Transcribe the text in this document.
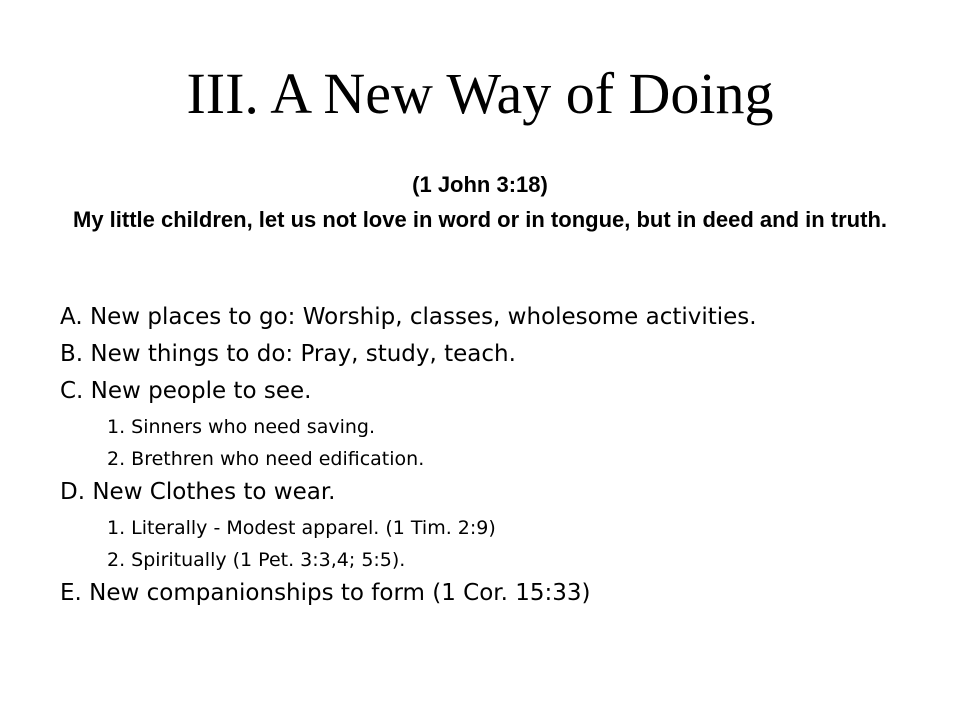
III. A New Way of Doing
(1 John 3:18)
My little children, let us not love in word or in tongue, but in deed and in truth.
A. New places to go: Worship, classes, wholesome activities.
B. New things to do: Pray, study, teach.
C. New people to see.
1. Sinners who need saving.
2. Brethren who need edification.
D. New Clothes to wear.
1. Literally - Modest apparel. (1 Tim. 2:9)
2. Spiritually (1 Pet. 3:3,4; 5:5).
E. New companionships to form (1 Cor. 15:33)
